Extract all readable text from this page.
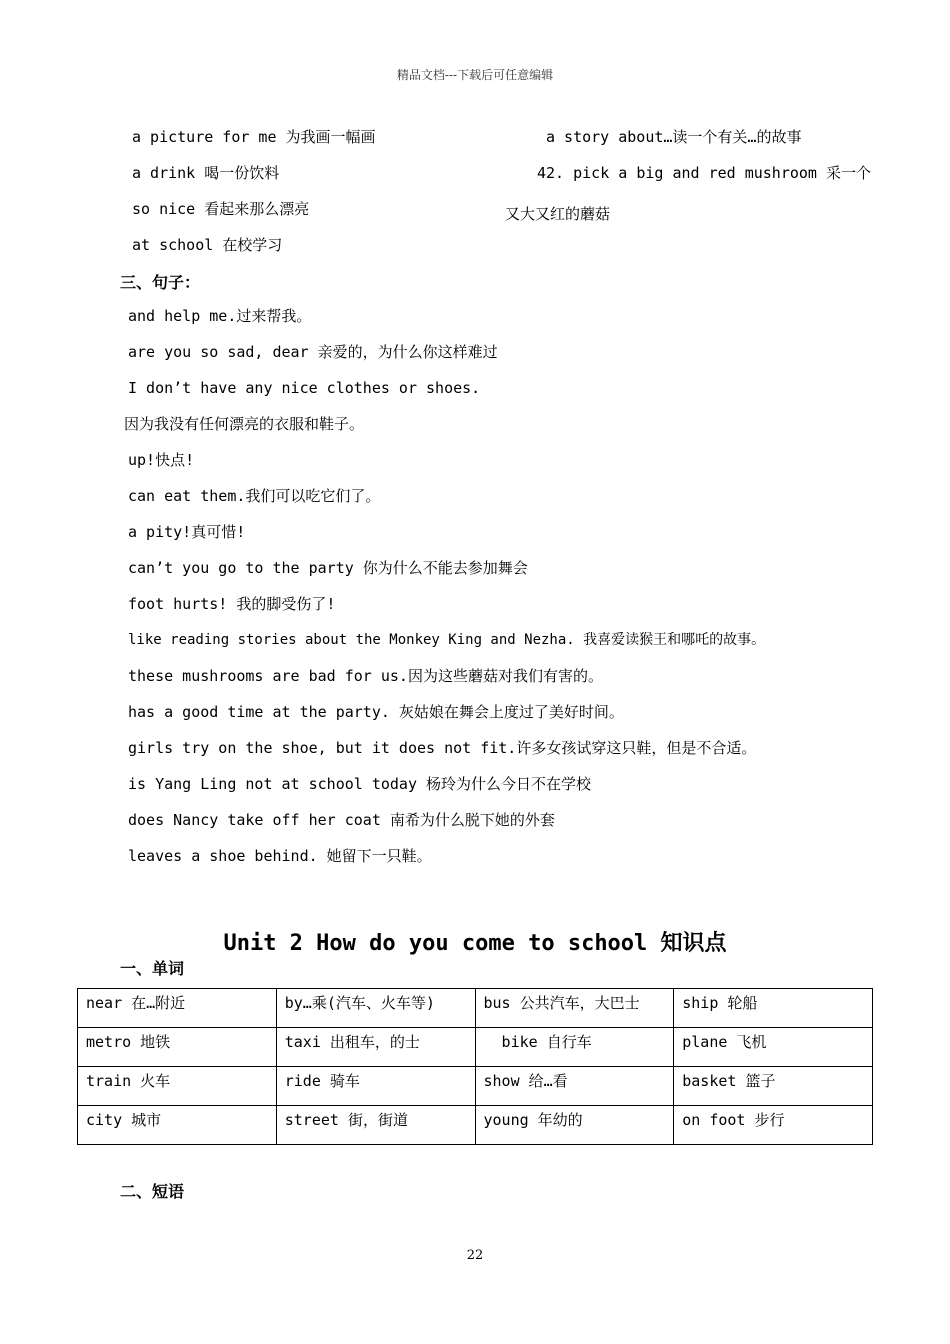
精品文档---下载后可任意编辑
a picture for me 为我画一幅画
a drink 喝一份饮料
so nice 看起来那么漂亮
at school 在校学习
a story about…读一个有关…的故事
42. pick a big and red mushroom 采一个
又大又红的蘑菇
三、句子：
and help me.过来帮我。
are you so sad, dear 亲爱的，为什么你这样难过
I don’t have any nice clothes or shoes.
因为我没有任何漂亮的衣服和鞋子。
up!快点!
can eat them.我们可以吃它们了。
a pity!真可惜!
can’t you go to the party 你为什么不能去参加舞会
foot hurts! 我的脚受伤了!
like reading stories about the Monkey King and Nezha. 我喜爱读猴王和哪吒的故事。
these mushrooms are bad for us.因为这些蘑菇对我们有害的。
has a good time at the party. 灰姑娘在舞会上度过了美好时间。
girls try on the shoe, but it does not fit.许多女孩试穿这只鞋，但是不合适。
is Yang Ling not at school today 杨玲为什么今日不在学校
does Nancy take off her coat 南希为什么脱下她的外套
leaves a shoe behind. 她留下一只鞋。
Unit 2 How do you come to school 知识点
一、单词
near 在…附近	by…乘(汽车、火车等)	bus 公共汽车，大巴士	ship 轮船
metro 地铁	taxi 出租车，的士	bike 自行车	plane 飞机
train 火车	ride 骑车	show 给…看	basket 篮子
city 城市	street 街，街道	young 年幼的	on foot 步行
二、短语
22
